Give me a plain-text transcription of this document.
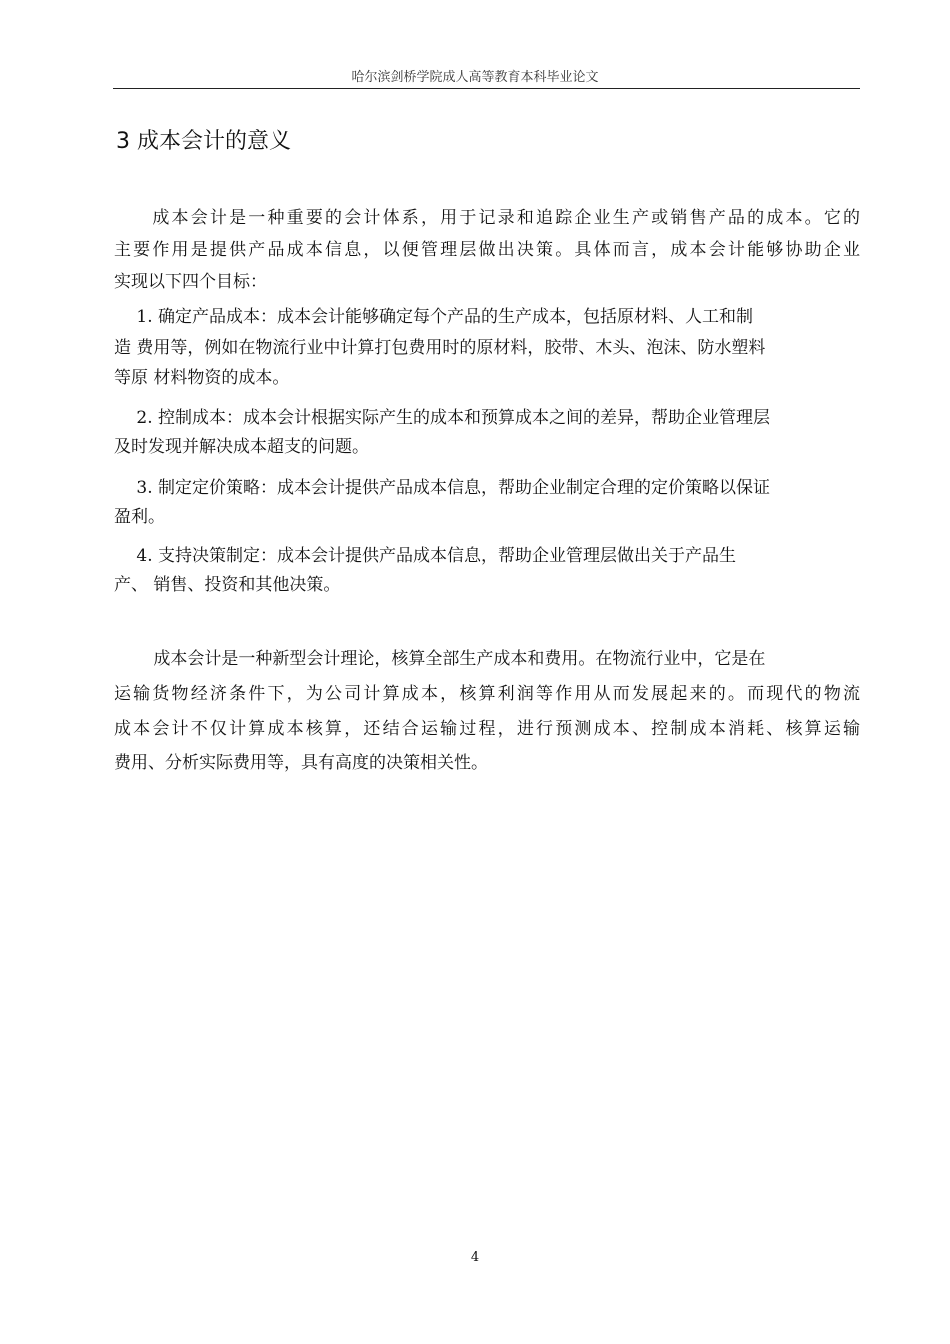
哈尔滨剑桥学院成人高等教育本科毕业论文
3 成本会计的意义
　　成本会计是一种重要的会计体系，用于记录和追踪企业生产或销售产品的成本。它的
主要作用是提供产品成本信息，以便管理层做出决策。具体而言，成本会计能够协助企业
实现以下四个目标：
　 1. 确定产品成本：成本会计能够确定每个产品的生产成本，包括原材料、人工和制
造 费用等，例如在物流行业中计算打包费用时的原材料，胶带、木头、泡沫、防水塑料
等原 材料物资的成本。
　 2. 控制成本：成本会计根据实际产生的成本和预算成本之间的差异，帮助企业管理层
及时发现并解决成本超支的问题。
　 3. 制定定价策略：成本会计提供产品成本信息，帮助企业制定合理的定价策略以保证
盈利。
　 4. 支持决策制定：成本会计提供产品成本信息，帮助企业管理层做出关于产品生
产、 销售、投资和其他决策。
　　 成本会计是一种新型会计理论，核算全部生产成本和费用。在物流行业中，它是在
运输货物经济条件下，为公司计算成本，核算利润等作用从而发展起来的。而现代的物流
成本会计不仅计算成本核算，还结合运输过程，进行预测成本、控制成本消耗、核算运输
费用、分析实际费用等，具有高度的决策相关性。
4
